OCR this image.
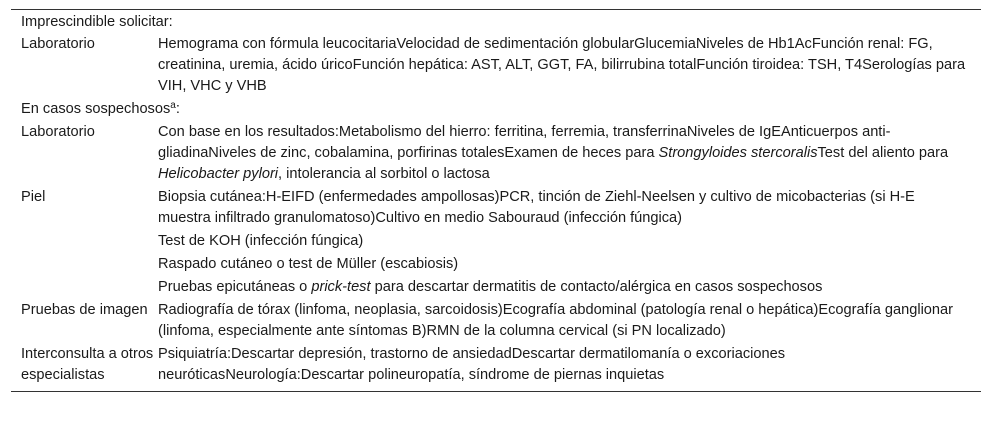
Imprescindible solicitar:	
Laboratorio	Hemograma con fórmula leucocitariaVelocidad de sedimentación globularGlucemiaNiveles de Hb1AcFunción renal: FG, creatinina, uremia, ácido úricoFunción hepática: AST, ALT, GGT, FA, bilirrubina totalFunción tiroidea: TSH, T4Serologías para VIH, VHC y VHB
En casos sospechosos$^a$:	
Laboratorio	Con base en los resultados:Metabolismo del hierro: ferritina, ferremia, transferrinaNiveles de IgEAnticuerpos anti-gliadinaNiveles de zinc, cobalamina, porfirinas totalesExamen de heces para Strongyloides stercoralisTest del aliento para Helicobacter pylori, intolerancia al sorbitol o lactosa
Piel	Biopsia cutánea:H-EIFD (enfermedades ampollosas)PCR, tinción de Ziehl-Neelsen y cultivo de micobacterias (si H-E muestra infiltrado granulomatoso)Cultivo en medio Sabouraud (infección fúngica)
	Test de KOH (infección fúngica)
	Raspado cutáneo o test de Müller (escabiosis)
	Pruebas epicutáneas o prick-test para descartar dermatitis de contacto/alérgica en casos sospechosos
Pruebas de imagen	Radiografía de tórax (linfoma, neoplasia, sarcoidosis)Ecografía abdominal (patología renal o hepática)Ecografía ganglionar (linfoma, especialmente ante síntomas B)RMN de la columna cervical (si PN localizado)
Interconsulta a otros especialistas	Psiquiatría:Descartar depresión, trastorno de ansiedadDescartar dermatilomanía o excoriaciones neuróticasNeurología:Descartar polineuropatía, síndrome de piernas inquietas
